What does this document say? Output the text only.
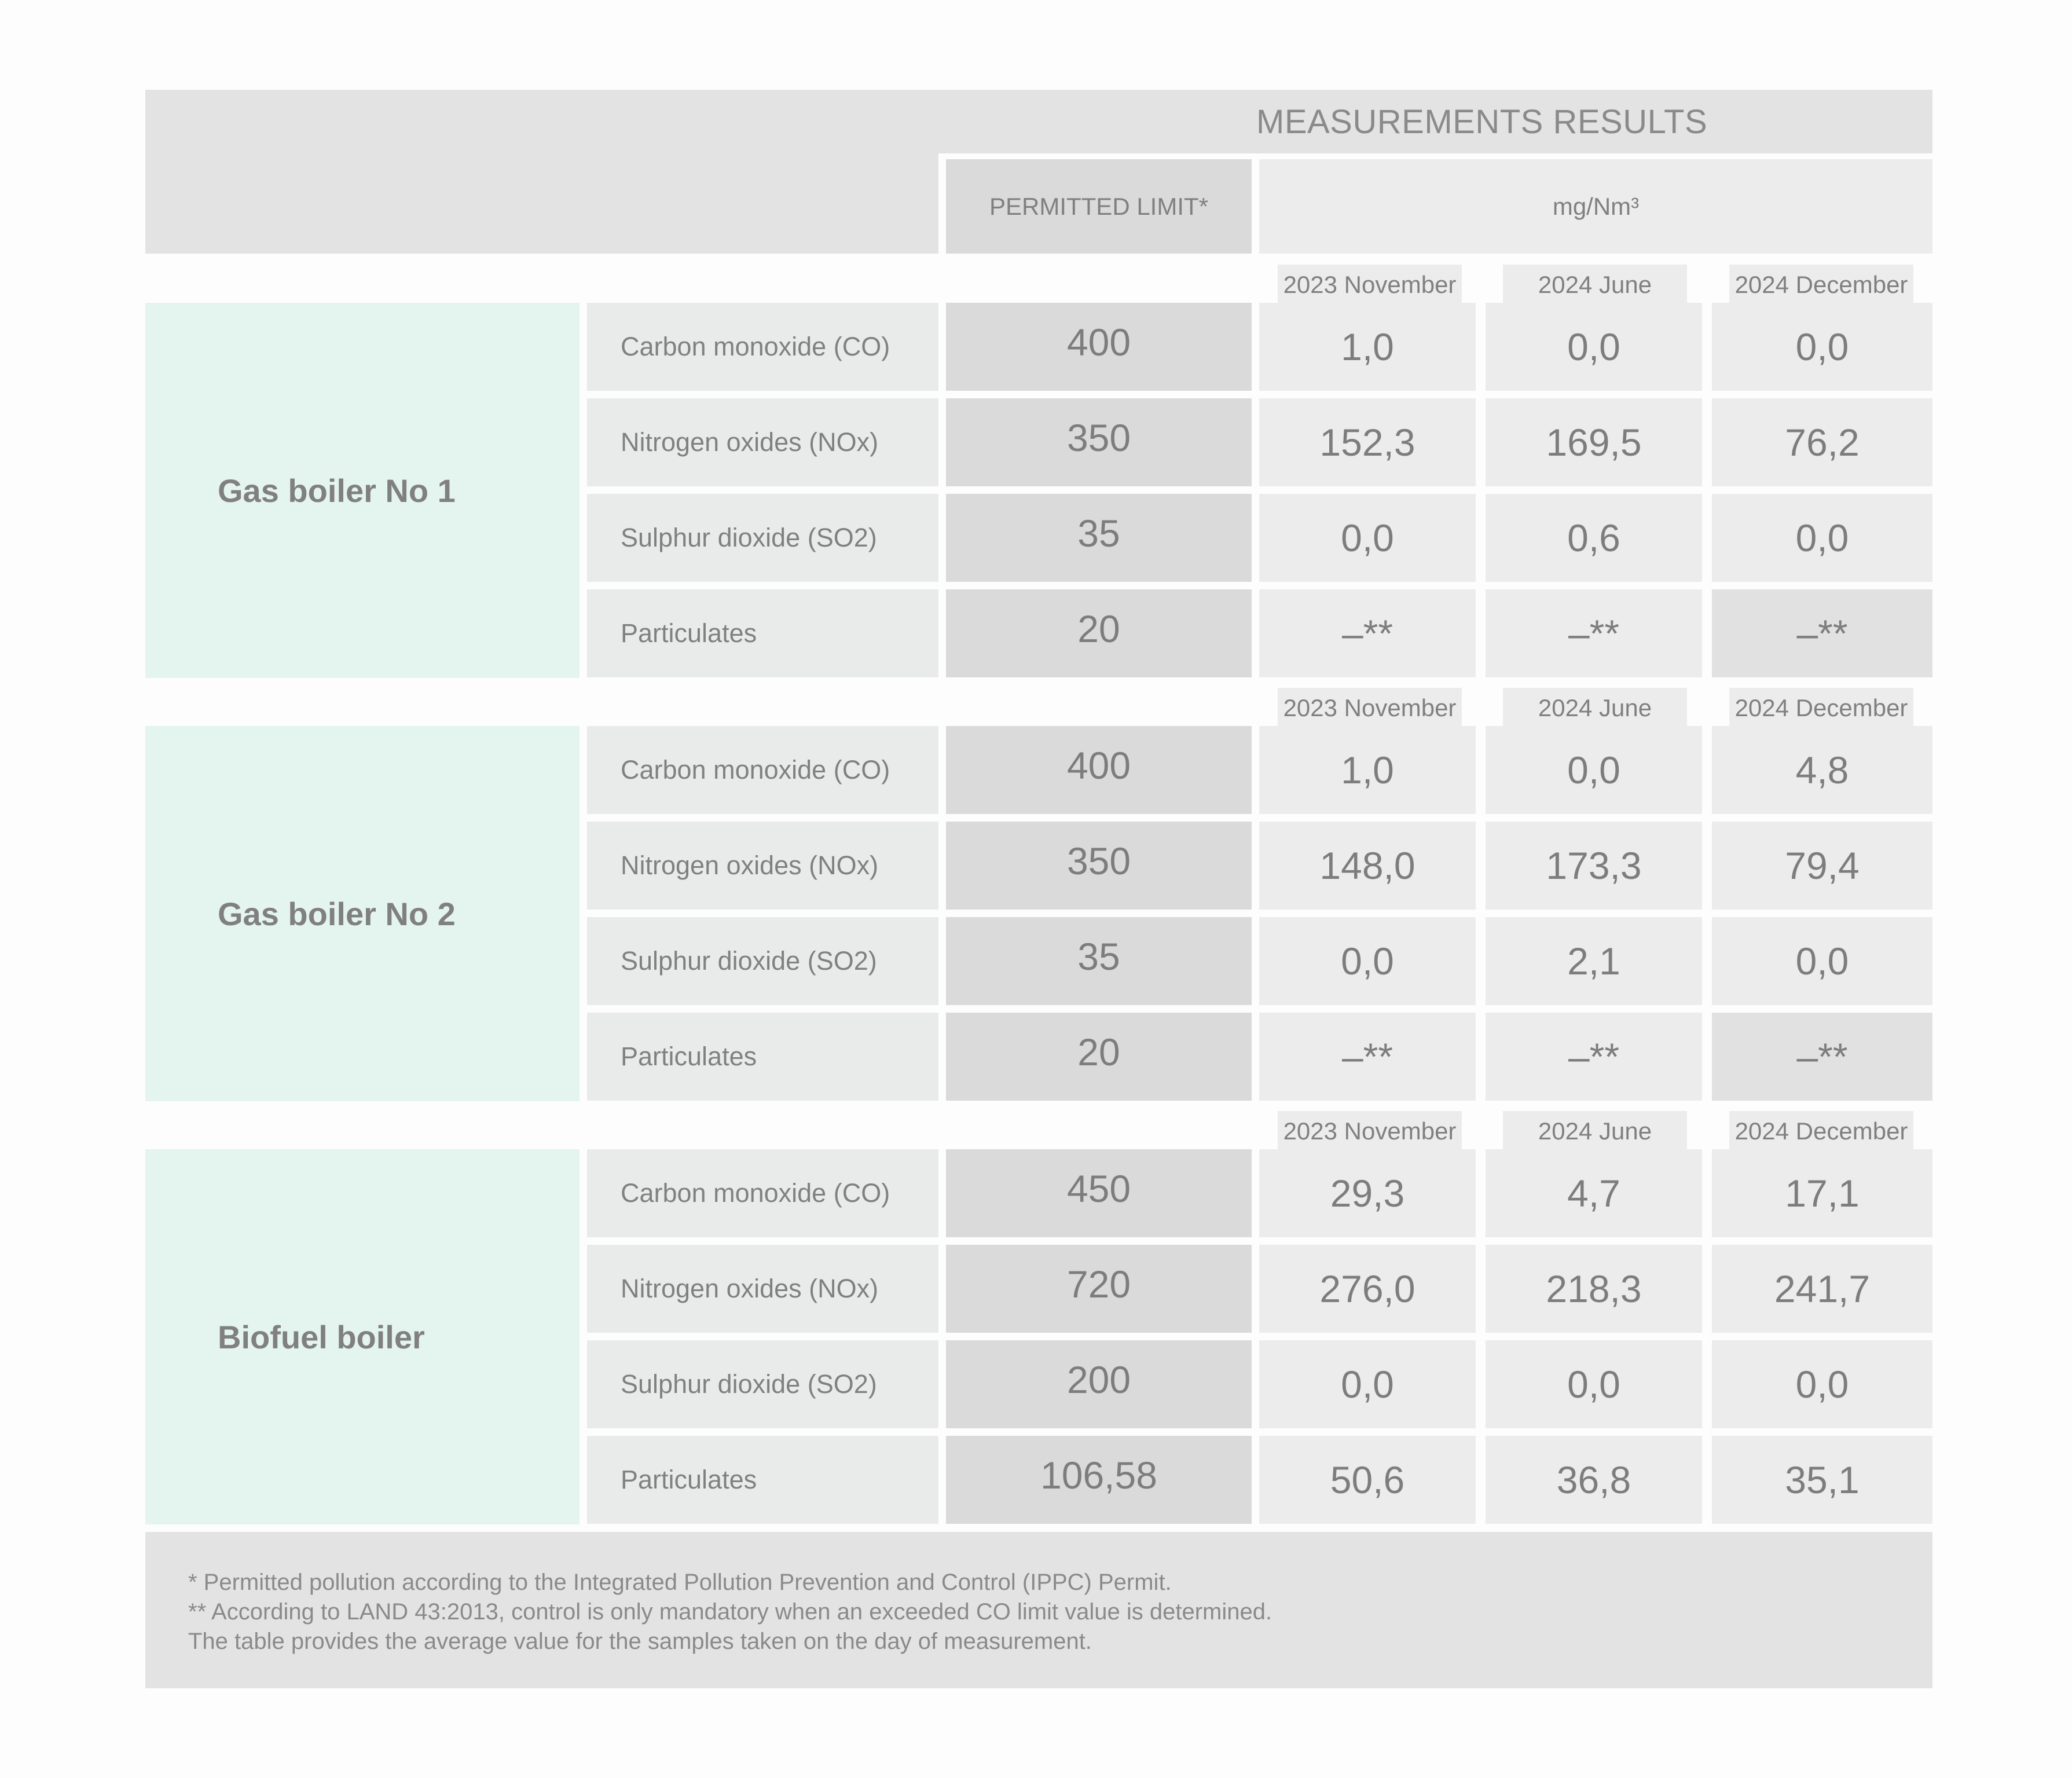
MEASUREMENTS RESULTS
PERMITTED LIMIT*	mg/Nm³
2023 November	2024 June	2024 December
Gas boiler No 1
Carbon monoxide (CO)	400	1,0	0,0	0,0
Nitrogen oxides (NOx)	350	152,3	169,5	76,2
Sulphur dioxide (SO2)	35	0,0	0,6	0,0
Particulates	20	–**	–**	–**
2023 November	2024 June	2024 December
Gas boiler No 2
Carbon monoxide (CO)	400	1,0	0,0	4,8
Nitrogen oxides (NOx)	350	148,0	173,3	79,4
Sulphur dioxide (SO2)	35	0,0	2,1	0,0
Particulates	20	–**	–**	–**
2023 November	2024 June	2024 December
Biofuel boiler
Carbon monoxide (CO)	450	29,3	4,7	17,1
Nitrogen oxides (NOx)	720	276,0	218,3	241,7
Sulphur dioxide (SO2)	200	0,0	0,0	0,0
Particulates	106,58	50,6	36,8	35,1
* Permitted pollution according to the Integrated Pollution Prevention and Control (IPPC) Permit.
** According to LAND 43:2013, control is only mandatory when an exceeded CO limit value is determined.
The table provides the average value for the samples taken on the day of measurement.
